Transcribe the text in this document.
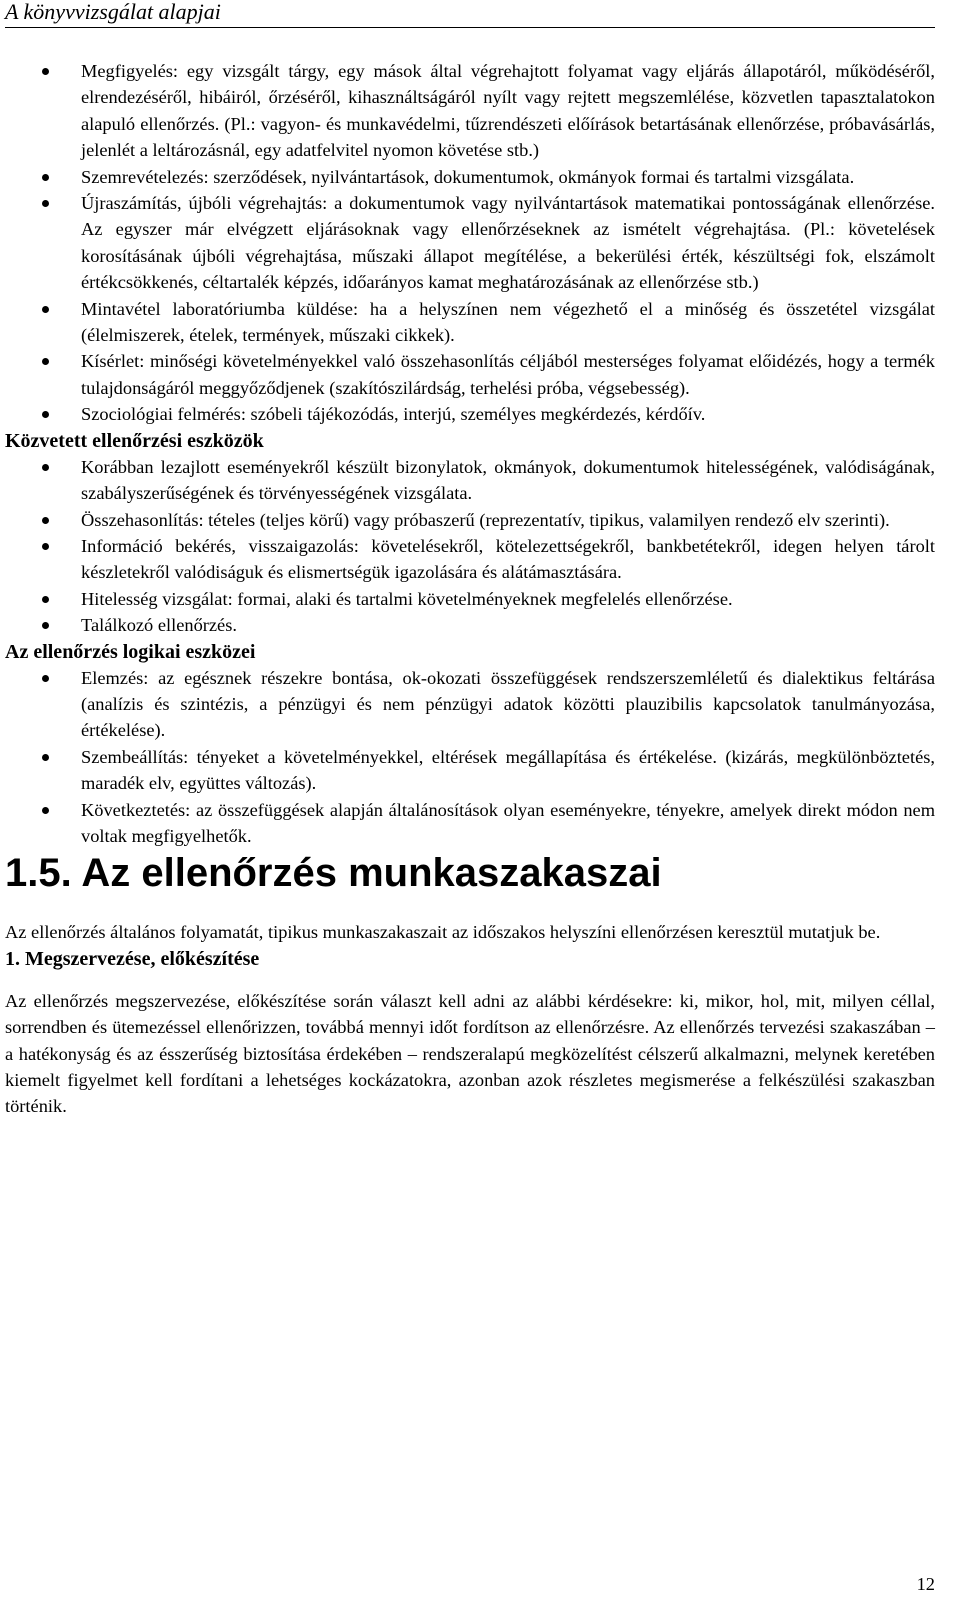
A könyvvizsgálat alapjai
Megfigyelés: egy vizsgált tárgy, egy mások által végrehajtott folyamat vagy eljárás állapotáról, működéséről, elrendezéséről, hibáiról, őrzéséről, kihasználtságáról nyílt vagy rejtett megszemlélése, közvetlen tapasztalatokon alapuló ellenőrzés. (Pl.: vagyon- és munkavédelmi, tűzrendészeti előírások betartásának ellenőrzése, próbavásárlás, jelenlét a leltározásnál, egy adatfelvitel nyomon követése stb.)
Szemrevételezés: szerződések, nyilvántartások, dokumentumok, okmányok formai és tartalmi vizsgálata.
Újraszámítás, újbóli végrehajtás: a dokumentumok vagy nyilvántartások matematikai pontosságának ellenőrzése. Az egyszer már elvégzett eljárásoknak vagy ellenőrzéseknek az ismételt végrehajtása. (Pl.: követelések korosításának újbóli végrehajtása, műszaki állapot megítélése, a bekerülési érték, készültségi fok, elszámolt értékcsökkenés, céltartalék képzés, időarányos kamat meghatározásának az ellenőrzése stb.)
Mintavétel laboratóriumba küldése: ha a helyszínen nem végezhető el a minőség és összetétel vizsgálat (élelmiszerek, ételek, termények, műszaki cikkek).
Kísérlet: minőségi követelményekkel való összehasonlítás céljából mesterséges folyamat előidézés, hogy a termék tulajdonságáról meggyőződjenek (szakítószilárdság, terhelési próba, végsebesség).
Szociológiai felmérés: szóbeli tájékozódás, interjú, személyes megkérdezés, kérdőív.
Közvetett ellenőrzési eszközök
Korábban lezajlott eseményekről készült bizonylatok, okmányok, dokumentumok hitelességének, valódiságának, szabályszerűségének és törvényességének vizsgálata.
Összehasonlítás: tételes (teljes körű) vagy próbaszerű (reprezentatív, tipikus, valamilyen rendező elv szerinti).
Információ bekérés, visszaigazolás: követelésekről, kötelezettségekről, bankbetétekről, idegen helyen tárolt készletekről valódiságuk és elismertségük igazolására és alátámasztására.
Hitelesség vizsgálat: formai, alaki és tartalmi követelményeknek megfelelés ellenőrzése.
Találkozó ellenőrzés.
Az ellenőrzés logikai eszközei
Elemzés: az egésznek részekre bontása, ok-okozati összefüggések rendszerszemléletű és dialektikus feltárása (analízis és szintézis, a pénzügyi és nem pénzügyi adatok közötti plauzibilis kapcsolatok tanulmányozása, értékelése).
Szembeállítás: tényeket a követelményekkel, eltérések megállapítása és értékelése. (kizárás, megkülönböztetés, maradék elv, együttes változás).
Következtetés: az összefüggések alapján általánosítások olyan eseményekre, tényekre, amelyek direkt módon nem voltak megfigyelhetők.
1.5. Az ellenőrzés munkaszakaszai

Az ellenőrzés általános folyamatát, tipikus munkaszakaszait az időszakos helyszíni ellenőrzésen keresztül mutatjuk be.

1. Megszervezése, előkészítése

Az ellenőrzés megszervezése, előkészítése során választ kell adni az alábbi kérdésekre: ki, mikor, hol, mit, milyen céllal, sorrendben és ütemezéssel ellenőrizzen, továbbá mennyi időt fordítson az ellenőrzésre. Az ellenőrzés tervezési szakaszában – a hatékonyság és az ésszerűség biztosítása érdekében – rendszeralapú megközelítést célszerű alkalmazni, melynek keretében kiemelt figyelmet kell fordítani a lehetséges kockázatokra, azonban azok részletes megismerése a felkészülési szakaszban történik.

12
